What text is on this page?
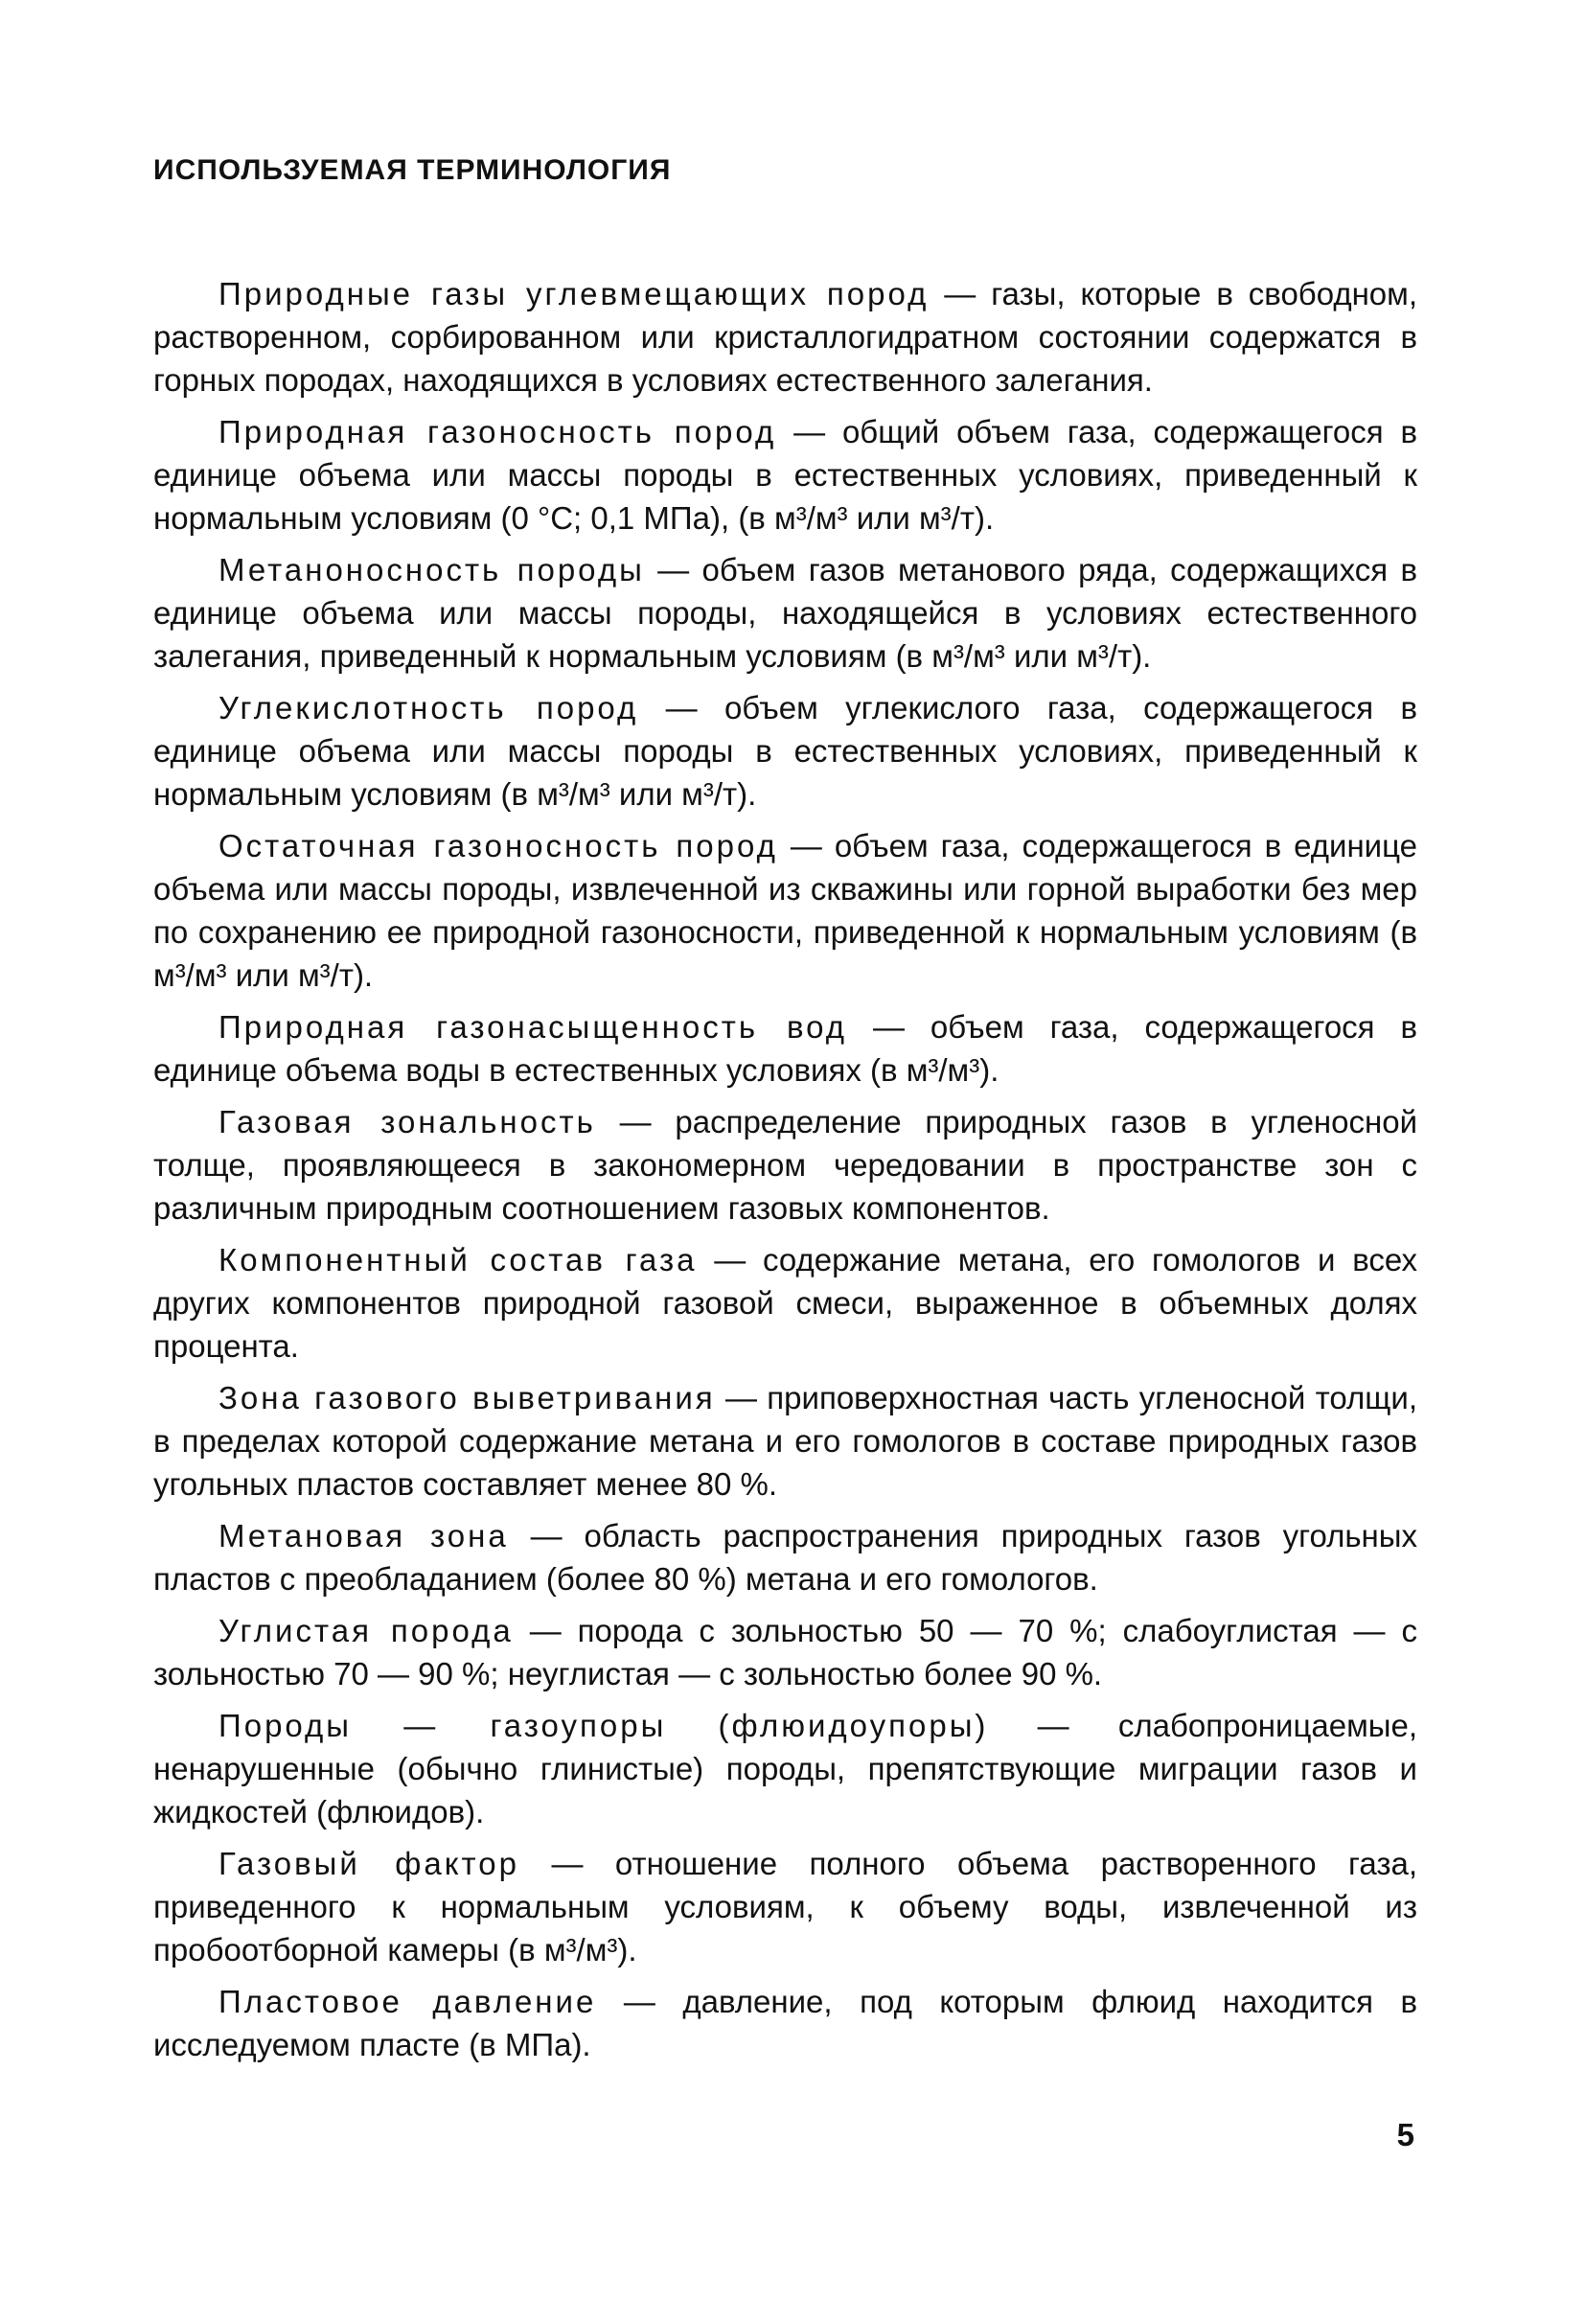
ИСПОЛЬЗУЕМАЯ ТЕРМИНОЛОГИЯ

Природные газы углевмещающих пород — газы, которые в свободном, растворенном, сорбированном или кристаллогидратном состоянии содержатся в горных породах, находящихся в условиях естественного залегания.

Природная газоносность пород — общий объем газа, содержащегося в единице объема или массы породы в естественных условиях, приведенный к нормальным условиям (0 °С; 0,1 МПа), (в м³/м³ или м³/т).

Метаноносность породы — объем газов метанового ряда, содержащихся в единице объема или массы породы, находящейся в условиях естественного залегания, приведенный к нормальным условиям (в м³/м³ или м³/т).

Углекислотность пород — объем углекислого газа, содержащегося в единице объема или массы породы в естественных условиях, приведенный к нормальным условиям (в м³/м³ или м³/т).

Остаточная газоносность пород — объем газа, содержащегося в единице объема или массы породы, извлеченной из скважины или горной выработки без мер по сохранению ее природной газоносности, приведенной к нормальным условиям (в м³/м³ или м³/т).

Природная газонасыщенность вод — объем газа, содержащегося в единице объема воды в естественных условиях (в м³/м³).

Газовая зональность — распределение природных газов в угленосной толще, проявляющееся в закономерном чередовании в пространстве зон с различным природным соотношением газовых компонентов.

Компонентный состав газа — содержание метана, его гомологов и всех других компонентов природной газовой смеси, выраженное в объемных долях процента.

Зона газового выветривания — приповерхностная часть угленосной толщи, в пределах которой содержание метана и его гомологов в составе природных газов угольных пластов составляет менее 80 %.

Метановая зона — область распространения природных газов угольных пластов с преобладанием (более 80 %) метана и его гомологов.

Углистая порода — порода с зольностью 50 — 70 %; слабоуглистая — с зольностью 70 — 90 %; неуглистая — с зольностью более 90 %.

Породы — газоупоры (флюидоупоры) — слабопроницаемые, ненарушенные (обычно глинистые) породы, препятствующие миграции газов и жидкостей (флюидов).

Газовый фактор — отношение полного объема растворенного газа, приведенного к нормальным условиям, к объему воды, извлеченной из пробоотборной камеры (в м³/м³).

Пластовое давление — давление, под которым флюид находится в исследуемом пласте (в МПа).

5
